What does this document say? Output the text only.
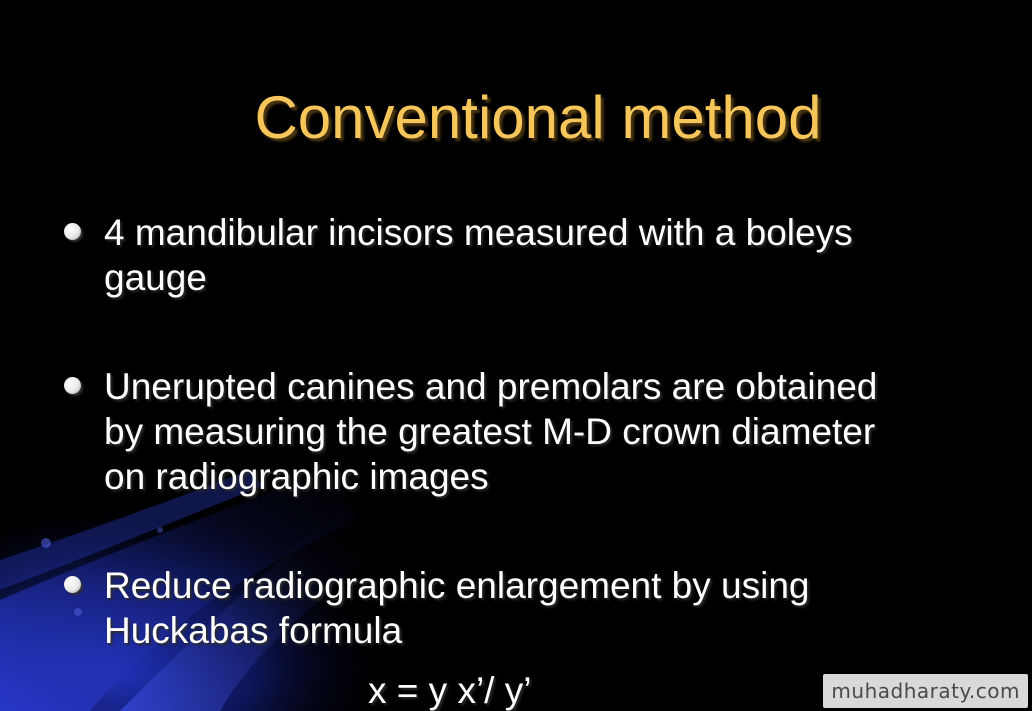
Conventional method
4 mandibular incisors measured with a boleys
gauge
Unerupted canines and premolars are obtained
by measuring the greatest M-D crown diameter
on radiographic images
Reduce radiographic enlargement by using
Huckabas formula
x = y x’/ y’	muhadharaty.com
